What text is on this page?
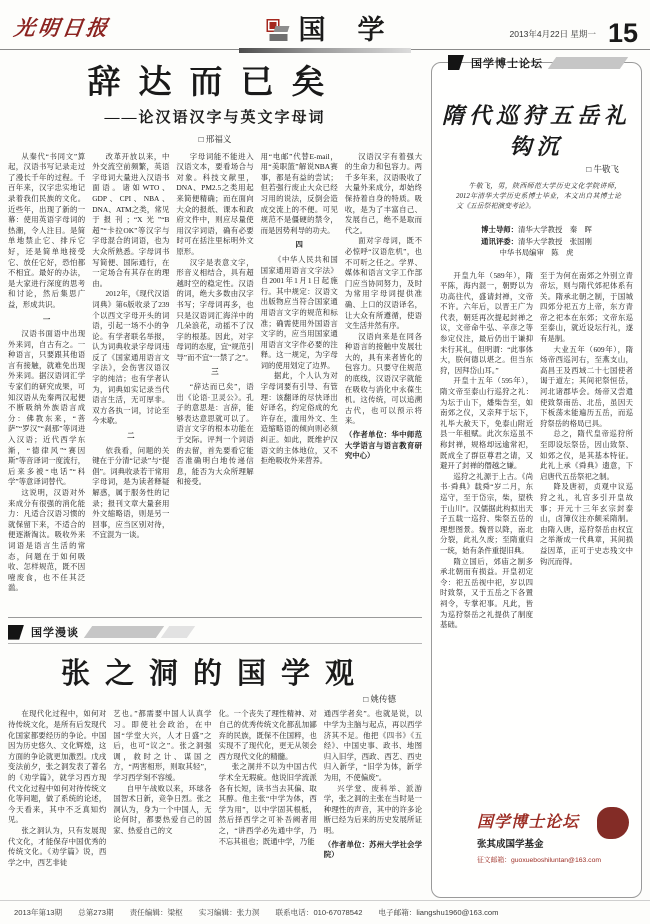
光明日报	国学	2013年4月22日 星期一 15
辞达而已矣
——论汉语汉字与英文字母词
□ 邢福义

从秦代“书同文”算起，汉语书写记录走过了漫长千年的过程。千百年来，汉字忠实地记录着我们民族的文化。近些年，出现了新的一幕：使用英语字母词的热潮，令人注目。是简单地禁止它、排斥它好，还是简单地接受它、放任它好，恐怕都不相宜。最好的办法，是大家进行深度的思考和讨论，然后集思广益，形成共识。

一

汉语书面语中出现外来词，自古有之。一种语言，只要跟其他语言有接触，就难免出现外来词。据汉语词汇学专家们的研究成果，可知汉语从先秦两汉起便不断吸纳外族语言成分：佛教东来，“菩萨”“罗汉”“刹那”等词进入汉语；近代西学东渐，“德律风”“赛因斯”等音译词一度流行，后来多被“电话”“科学”等意译词替代。

这说明，汉语对外来成分有很强的消化能力：凡适合汉语习惯的就保留下来，不适合的便逐渐淘汰。吸收外来词语是语言生活的常态，问题在于如何吸收、怎样规范，既不因噎废食，也不任其泛滥。

改革开放以来，中外交流空前频繁，英语字母词大量进入汉语书面语。诸如WTO、GDP、CPI、NBA、DNA、ATM之类，常见于报刊；“X光”“B超”“卡拉OK”等汉字与字母混合的词语，也为大众所熟悉。字母词书写简便、国际通行，在一定场合有其存在的理由。

2012年，《现代汉语词典》第6版收录了239个以西文字母开头的词语，引起一场不小的争论。有学者联名举报，认为词典收录字母词违反了《国家通用语言文字法》，会伤害汉语汉字的纯洁；也有学者认为，词典如实记录当代语言生活，无可厚非。双方各执一词，讨论至今未歇。

二

依我看，问题的关键在于分清“记录”与“提倡”。词典收录若干常用字母词，是为读者释疑解惑，属于服务性的记录；报刊文章大量套用外文缩略语，则是另一回事，应当区别对待，不宜混为一谈。

字母词能不能进入汉语文本，要看场合与对象。科技文献里，DNA、PM2.5之类用起来简便精确；而在面向大众的报纸、课本和政府文件中，则应尽量使用汉字词语，确有必要时可在括注里标明外文原形。

汉字是表意文字，形音义相结合，具有超越时空的稳定性。汉语的词，绝大多数由汉字书写；字母词再多，也只是汉语词汇海洋中的几朵浪花，动摇不了汉字的根基。因此，对字母词的态度，宜“规范引导”而不宜“一禁了之”。

三

“辞达而已矣”，语出《论语·卫灵公》。孔子的意思是：言辞，能够表达意思就可以了。语言文字的根本功能在于交际。评判一个词语的去留，首先要看它能否准确明白地传递信息，能否为大众所理解和接受。

用“电邮”代替E-mail，用“美职篮”解说NBA赛事，都是有益的尝试；但若强行废止大众已经习用的说法，反倒会造成交流上的不便。可见规范不是僵硬的禁令，而是因势利导的功夫。

四

《中华人民共和国国家通用语言文字法》自2001年1月1日起施行。其中规定：汉语文出版物应当符合国家通用语言文字的规范和标准；确需使用外国语言文字的，应当用国家通用语言文字作必要的注释。这一规定，为字母词的使用划定了边界。

据此，个人认为对字母词要有引导、有管理：该翻译的尽快译出好译名，约定俗成的允许存在，滥用外文、生造缩略语的倾向则必须纠正。如此，既维护汉语文的主体地位，又不拒绝吸收外来营养。

汉语汉字有着强大的生命力和包容力。两千多年来，汉语吸收了大量外来成分，却始终保持着自身的特质。吸收，是为了丰富自己、发展自己，绝不是取而代之。

面对字母词，既不必惊呼“汉语危机”，也不可听之任之。学界、媒体和语言文字工作部门应当协同努力，及时为常用字母词提供准确、上口的汉语译名，让大众有所遵循，使语文生活井然有序。

汉语向来是在同各种语言的接触中发展壮大的，具有来者皆化的包容力。只要守住规范的底线，汉语汉字就能在吸收与消化中永葆生机。这传统，可以追溯古代，也可以预示将来。

（作者单位：华中师范大学语言与语言教育研究中心）

国学漫谈
张之洞的国学观
□ 姚传德

在现代化过程中，如何对待传统文化，是所有后发现代化国家都要经历的争论。中国因为历史悠久、文化辉煌，这方面的争论就更加激烈。戊戌变法前夕，张之洞发表了著名的《劝学篇》，就学习西方现代文化过程中如何对待传统文化等问题，做了系统的论述，今天看来，其中不乏真知灼见。

张之洞认为，只有发展现代文化，才能保存中国优秀的传统文化。《劝学篇》说，西学之中，西艺非徒

艺也。”都需要中国人认真学习。即使社会政治，在中国“学堂大兴，人才日盛”之后，也可“议之”。张之洞强调，救时之计、谋国之方，“两害相形，则取其轻”，学习西学刻不容缓。

自甲午战败以来，环球各国智术日新，竞争日烈。张之洞认为，身为一个中国人，无论何时，都要热爱自己的国家、热爱自己的文

化。一个丧失了理性精神、对自己的优秀传统文化都乱加鄙弃的民族，既保不住国粹，也实现不了现代化，更无从领会西方现代文化的精髓。

张之洞并不以为中国古代学术全无瑕疵。他说旧学流派各有长短，读书当去其偏、取其醇。他主张“中学为体，西学为用”，以中学固其根柢，然后择西学之可补吾阙者用之，“讲西学必先通中学，乃不忘其祖也；既通中学，乃能

通西学者矣”。也就是说，以中学为主脑与起点，再以西学济其不足。他把《四书》《五经》、中国史事、政书、地图归入旧学，西政、西艺、西史归入新学，“旧学为体，新学为用，不使偏废”。

兴学堂、废科举、派游学，张之洞的主张在当时是一种理性的声音，其中的许多论断已经为后来的历史发展所证明。

（作者单位：苏州大学社会学院）

国学博士论坛
隋代巡狩五岳礼钩沉
□ 牛敬飞

牛敬飞，男，陕西师范大学历史文化学院讲师，2012年清华大学历史系博士毕业，本文出自其博士论文《五岳祭祀演变考论》。

博士导师：清华大学教授　秦　晖
通讯评委：清华大学教授　张国刚
中华书局编审　陈　虎

开皇九年（589年），隋平陈，海内混一，朝野以为功高往代，盛请封禅，文帝不许。六年后，以晋王广为代表，朝廷再次提起封禅之议，文帝命牛弘、辛彦之等参定仪注，最后仍出于谦抑未行其礼，但明谓：“此事体大，朕何德以堪之。但当东狩，因拜岱山耳。”

开皇十五年（595年），隋文帝至泰山行巡狩之礼：为坛于山下，燔柴告至，如南郊之仪，又亲拜于坛下，礼毕大赦天下，免泰山附近县一年租赋。此次东巡虽不称封禅，规格却远逾常祀，既成全了群臣尊君之请，又避开了封禅的僭越之嫌。

巡狩之礼源于上古。《尚书·舜典》载舜“岁二月，东巡守，至于岱宗，柴，望秩于山川”。汉儒据此构拟出天子五载一巡狩、柴祭五岳的理想图景。魏晋以降，南北分裂，此礼久废；至隋重归一统，始有条件重提旧典。

隋立国后，郊庙之制多承北朝而有损益。开皇初定令：祀五岳视中祀，岁以四时致祭，又于五岳之下各置祠令，专掌祀事。凡此，皆为巡狩祭岳之礼提供了制度基础。

至于为何在南郊之外别立青帝坛，则与隋代郊祀体系有关。隋承北朝之制，于国城四郊分祀五方上帝，东方青帝之祀本在东郊；文帝东巡至泰山，就近设坛行礼，遂有是制。

大业五年（609年），隋炀帝西巡河右，至燕支山，高昌王及西域二十七国使者谒于道左；其间祀祭恒岳，河北诸郡毕会。炀帝又尝遣使致祭南岳、北岳，虽因天下板荡未能遍历五岳，而巡狩祭岳的格局已具。

总之，隋代皇帝巡狩所至即设坛祭岳，因山致祭、如郊之仪，是其基本特征。此礼上承《舜典》遗意，下启唐代五岳祭祀之制。

降及唐初，贞观中议巡狩之礼，礼官多引开皇故事；开元十三年玄宗封泰山，卤簿仪注亦颇采隋制。由隋入唐，巡狩祭岳由权宜之举渐成一代典章，其间损益因革，正可于史志残文中钩沉而得。

国学博士论坛
张其成国学基金
征文邮箱：guoxueboshiluntan@163.com
2013年第13期 总第273期 责任编辑：梁枢 实习编辑：张力溟 联系电话：010-67078542 电子邮箱：liangshu1960@163.com
